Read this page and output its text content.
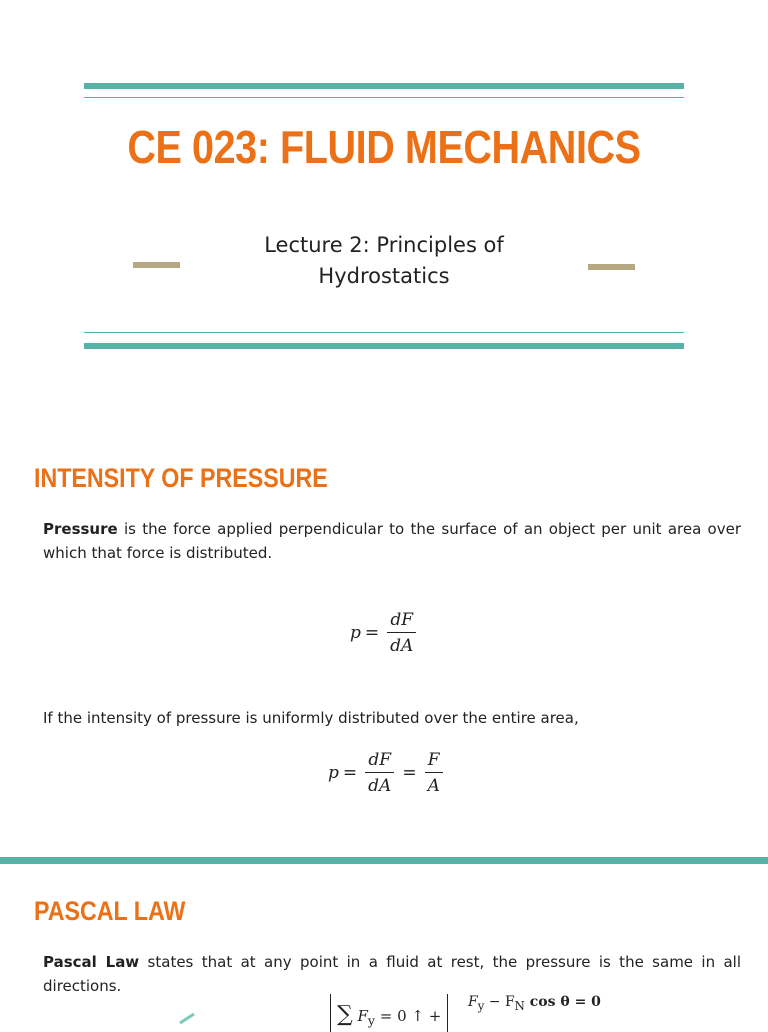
CE 023: FLUID MECHANICS
Lecture 2: Principles of
Hydrostatics
INTENSITY OF PRESSURE
Pressure is the force applied perpendicular to the surface of an object per unit area over which that force is distributed.
$p = \frac{dF}{dA}$
If the intensity of pressure is uniformly distributed over the entire area,
$p = \frac{dF}{dA} = \frac{F}{A}$
PASCAL LAW
Pascal Law states that at any point in a fluid at rest, the pressure is the same in all directions.
∑ $F_y = 0$ ↑ +
$F_y - F_N$ cos θ = 0
